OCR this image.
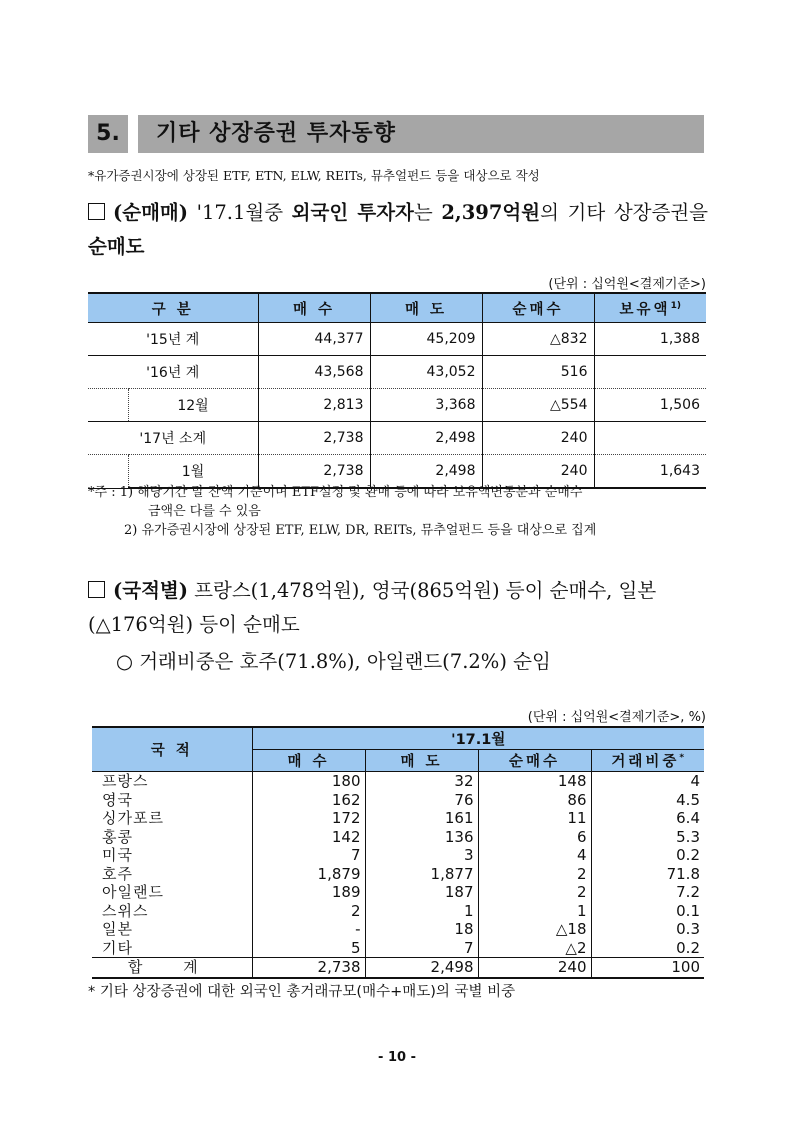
5.	기타 상장증권 투자동향
*유가증권시장에 상장된 ETF, ETN, ELW, REITs, 뮤추얼펀드 등을 대상으로 작성
(순매매) '17.1월중 외국인 투자자는 2,397억원의 기타 상장증권을 순매도
(단위 : 십억원<결제기준>)
구 분		매 수	매 도	순매수	보유액$^{1)}$
'15년 계		44,377	45,209	△832	1,388
'16년 계		43,568	43,052	516	
	12월	2,813	3,368	△554	1,506
'17년 소계		2,738	2,498	240	
	1월	2,738	2,498	240	1,643
*주 : 1) 해당기간 말 잔액 기준이며 ETF설정 및 환매 등에 따라 보유액변동분과 순매수
금액은 다를 수 있음
2) 유가증권시장에 상장된 ETF, ELW, DR, REITs, 뮤추얼펀드 등을 대상으로 집계
(국적별) 프랑스(1,478억원), 영국(865억원) 등이 순매수, 일본(△176억원) 등이 순매도
○ 거래비중은 호주(71.8%), 아일랜드(7.2%) 순임
(단위 : 십억원<결제기준>, %)
국 적	'17.1월			
	매 수	매 도	순매수	거래비중*
프랑스	180	32	148	4
영국	162	76	86	4.5
싱가포르	172	161	11	6.4
홍콩	142	136	6	5.3
미국	7	3	4	0.2
호주	1,879	1,877	2	71.8
아일랜드	189	187	2	7.2
스위스	2	1	1	0.1
일본	-	18	△18	0.3
기타	5	7	△2	0.2
합 계	2,738	2,498	240	100
* 기타 상장증권에 대한 외국인 총거래규모(매수+매도)의 국별 비중
- 10 -
